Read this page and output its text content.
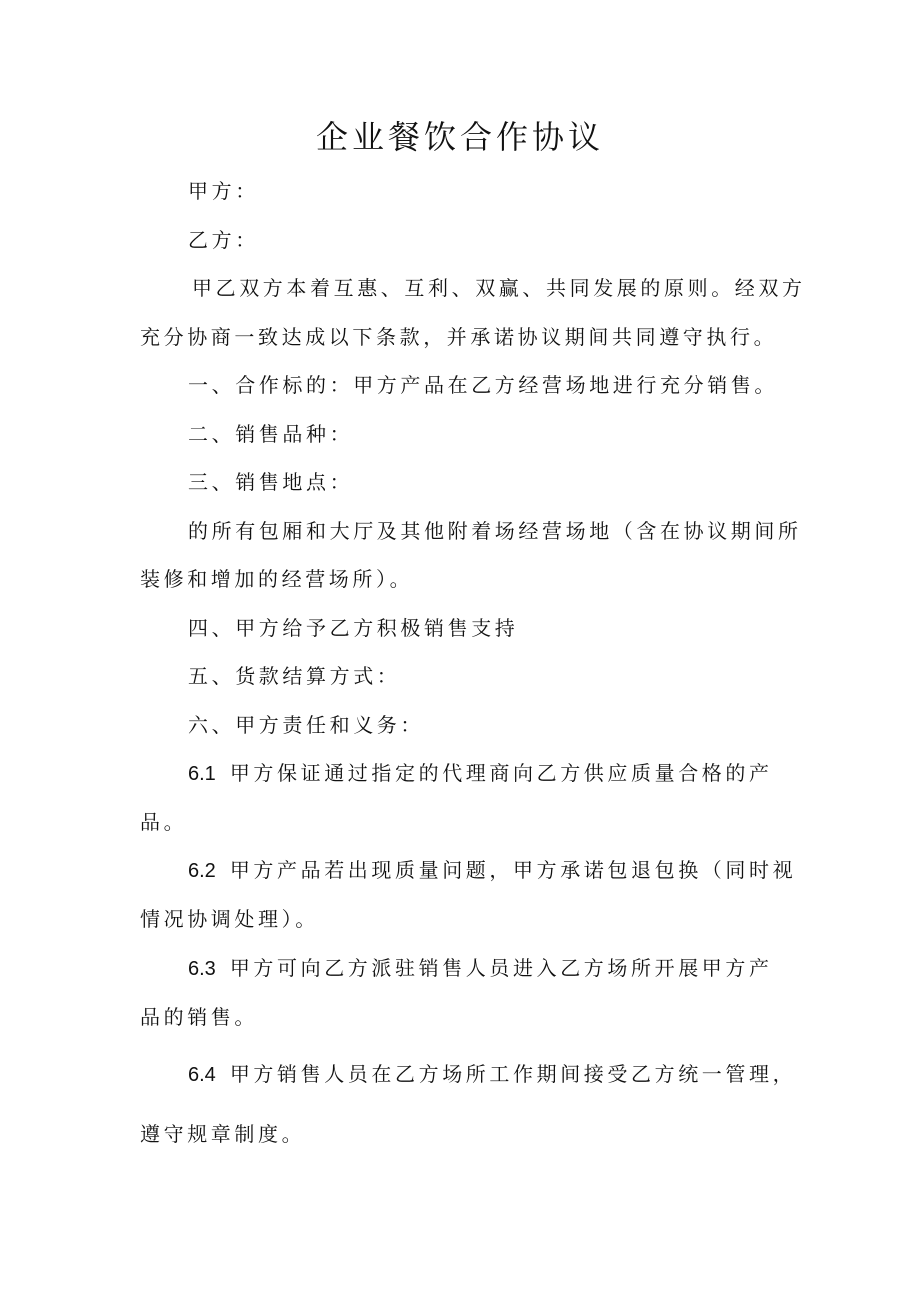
企业餐饮合作协议
甲方：
乙方：
甲乙双方本着互惠、互利、双赢、共同发展的原则。经双方
充分协商一致达成以下条款，并承诺协议期间共同遵守执行。
一、合作标的：甲方产品在乙方经营场地进行充分销售。
二、销售品种：
三、销售地点：
的所有包厢和大厅及其他附着场经营场地（含在协议期间所
装修和增加的经营场所）。
四、甲方给予乙方积极销售支持
五、货款结算方式：
六、甲方责任和义务：
6.1 甲方保证通过指定的代理商向乙方供应质量合格的产
品。
6.2 甲方产品若出现质量问题，甲方承诺包退包换（同时视
情况协调处理）。
6.3 甲方可向乙方派驻销售人员进入乙方场所开展甲方产
品的销售。
6.4 甲方销售人员在乙方场所工作期间接受乙方统一管理，
遵守规章制度。
